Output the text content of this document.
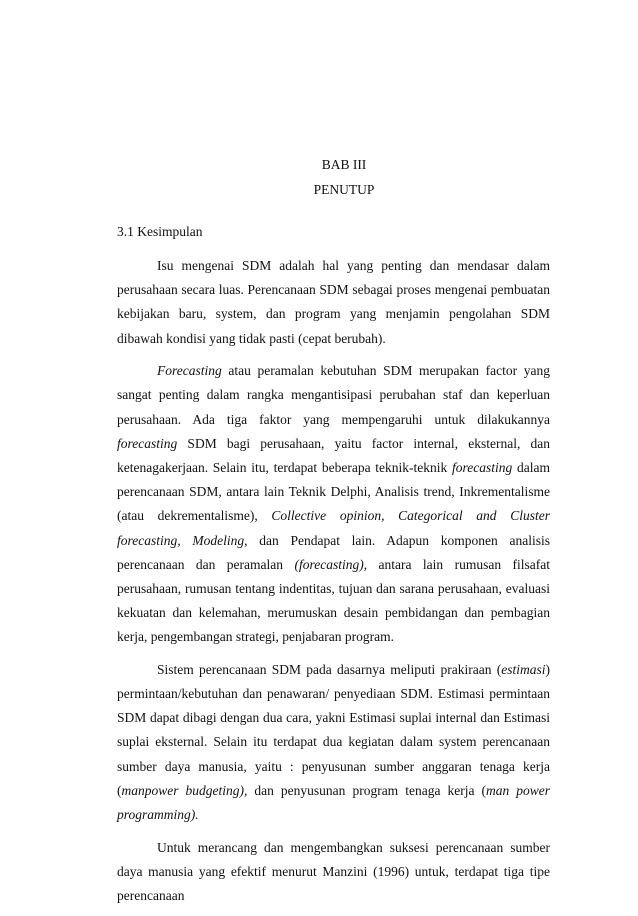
BAB III
PENUTUP
3.1 Kesimpulan

Isu mengenai SDM adalah hal yang penting dan mendasar dalam perusahaan secara luas. Perencanaan SDM sebagai proses mengenai pembuatan kebijakan baru, system, dan program yang menjamin pengolahan SDM dibawah kondisi yang tidak pasti (cepat berubah).

Forecasting atau peramalan kebutuhan SDM merupakan factor yang sangat penting dalam rangka mengantisipasi perubahan staf dan keperluan perusahaan. Ada tiga faktor yang mempengaruhi untuk dilakukannya forecasting SDM bagi perusahaan, yaitu factor internal, eksternal, dan ketenagakerjaan. Selain itu, terdapat beberapa teknik-teknik forecasting dalam perencanaan SDM, antara lain Teknik Delphi, Analisis trend, Inkrementalisme (atau dekrementalisme), Collective opinion, Categorical and Cluster forecasting, Modeling, dan Pendapat lain. Adapun komponen analisis perencanaan dan peramalan (forecasting), antara lain rumusan filsafat perusahaan, rumusan tentang indentitas, tujuan dan sarana perusahaan, evaluasi kekuatan dan kelemahan, merumuskan desain pembidangan dan pembagian kerja, pengembangan strategi, penjabaran program.

Sistem perencanaan SDM pada dasarnya meliputi prakiraan (estimasi) permintaan/kebutuhan dan penawaran/ penyediaan SDM. Estimasi permintaan SDM dapat dibagi dengan dua cara, yakni Estimasi suplai internal dan Estimasi suplai eksternal. Selain itu terdapat dua kegiatan dalam system perencanaan sumber daya manusia, yaitu : penyusunan sumber anggaran tenaga kerja (manpower budgeting), dan penyusunan program tenaga kerja (man power programming).

Untuk merancang dan mengembangkan suksesi perencanaan sumber daya manusia yang efektif menurut Manzini (1996) untuk, terdapat tiga tipe perencanaan
